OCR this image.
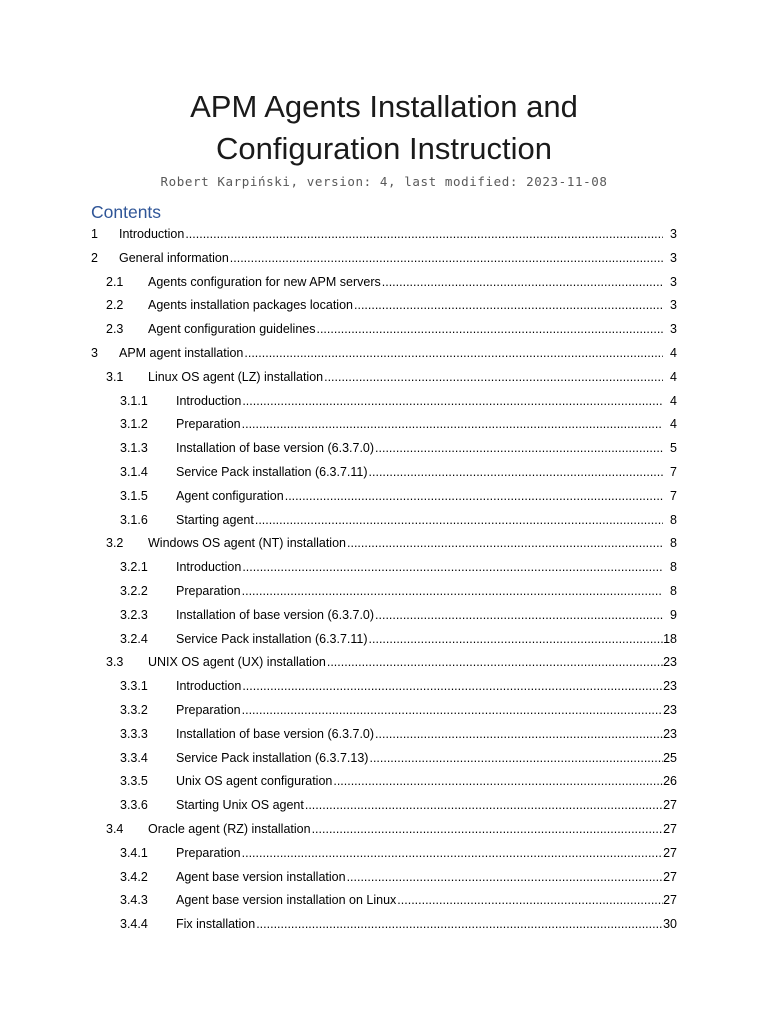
APM Agents Installation and
Configuration Instruction
Robert Karpiński, version: 4, last modified: 2023-11-08
Contents
1	Introduction .....	3
2	General information .....	3
2.1	Agents configuration for new APM servers .....	3
2.2	Agents installation packages location .....	3
2.3	Agent configuration guidelines .....	3
3	APM agent installation .....	4
3.1	Linux OS agent (LZ) installation .....	4
3.1.1	Introduction .....	4
3.1.2	Preparation .....	4
3.1.3	Installation of base version (6.3.7.0) .....	5
3.1.4	Service Pack installation (6.3.7.11) .....	7
3.1.5	Agent configuration .....	7
3.1.6	Starting agent .....	8
3.2	Windows OS agent (NT) installation .....	8
3.2.1	Introduction .....	8
3.2.2	Preparation .....	8
3.2.3	Installation of base version (6.3.7.0) .....	9
3.2.4	Service Pack installation (6.3.7.11) .....	18
3.3	UNIX OS agent (UX) installation .....	23
3.3.1	Introduction .....	23
3.3.2	Preparation .....	23
3.3.3	Installation of base version (6.3.7.0) .....	23
3.3.4	Service Pack installation (6.3.7.13) .....	25
3.3.5	Unix OS agent configuration .....	26
3.3.6	Starting Unix OS agent .....	27
3.4	Oracle agent (RZ) installation .....	27
3.4.1	Preparation .....	27
3.4.2	Agent base version installation .....	27
3.4.3	Agent base version installation on Linux .....	27
3.4.4	Fix installation .....	30
